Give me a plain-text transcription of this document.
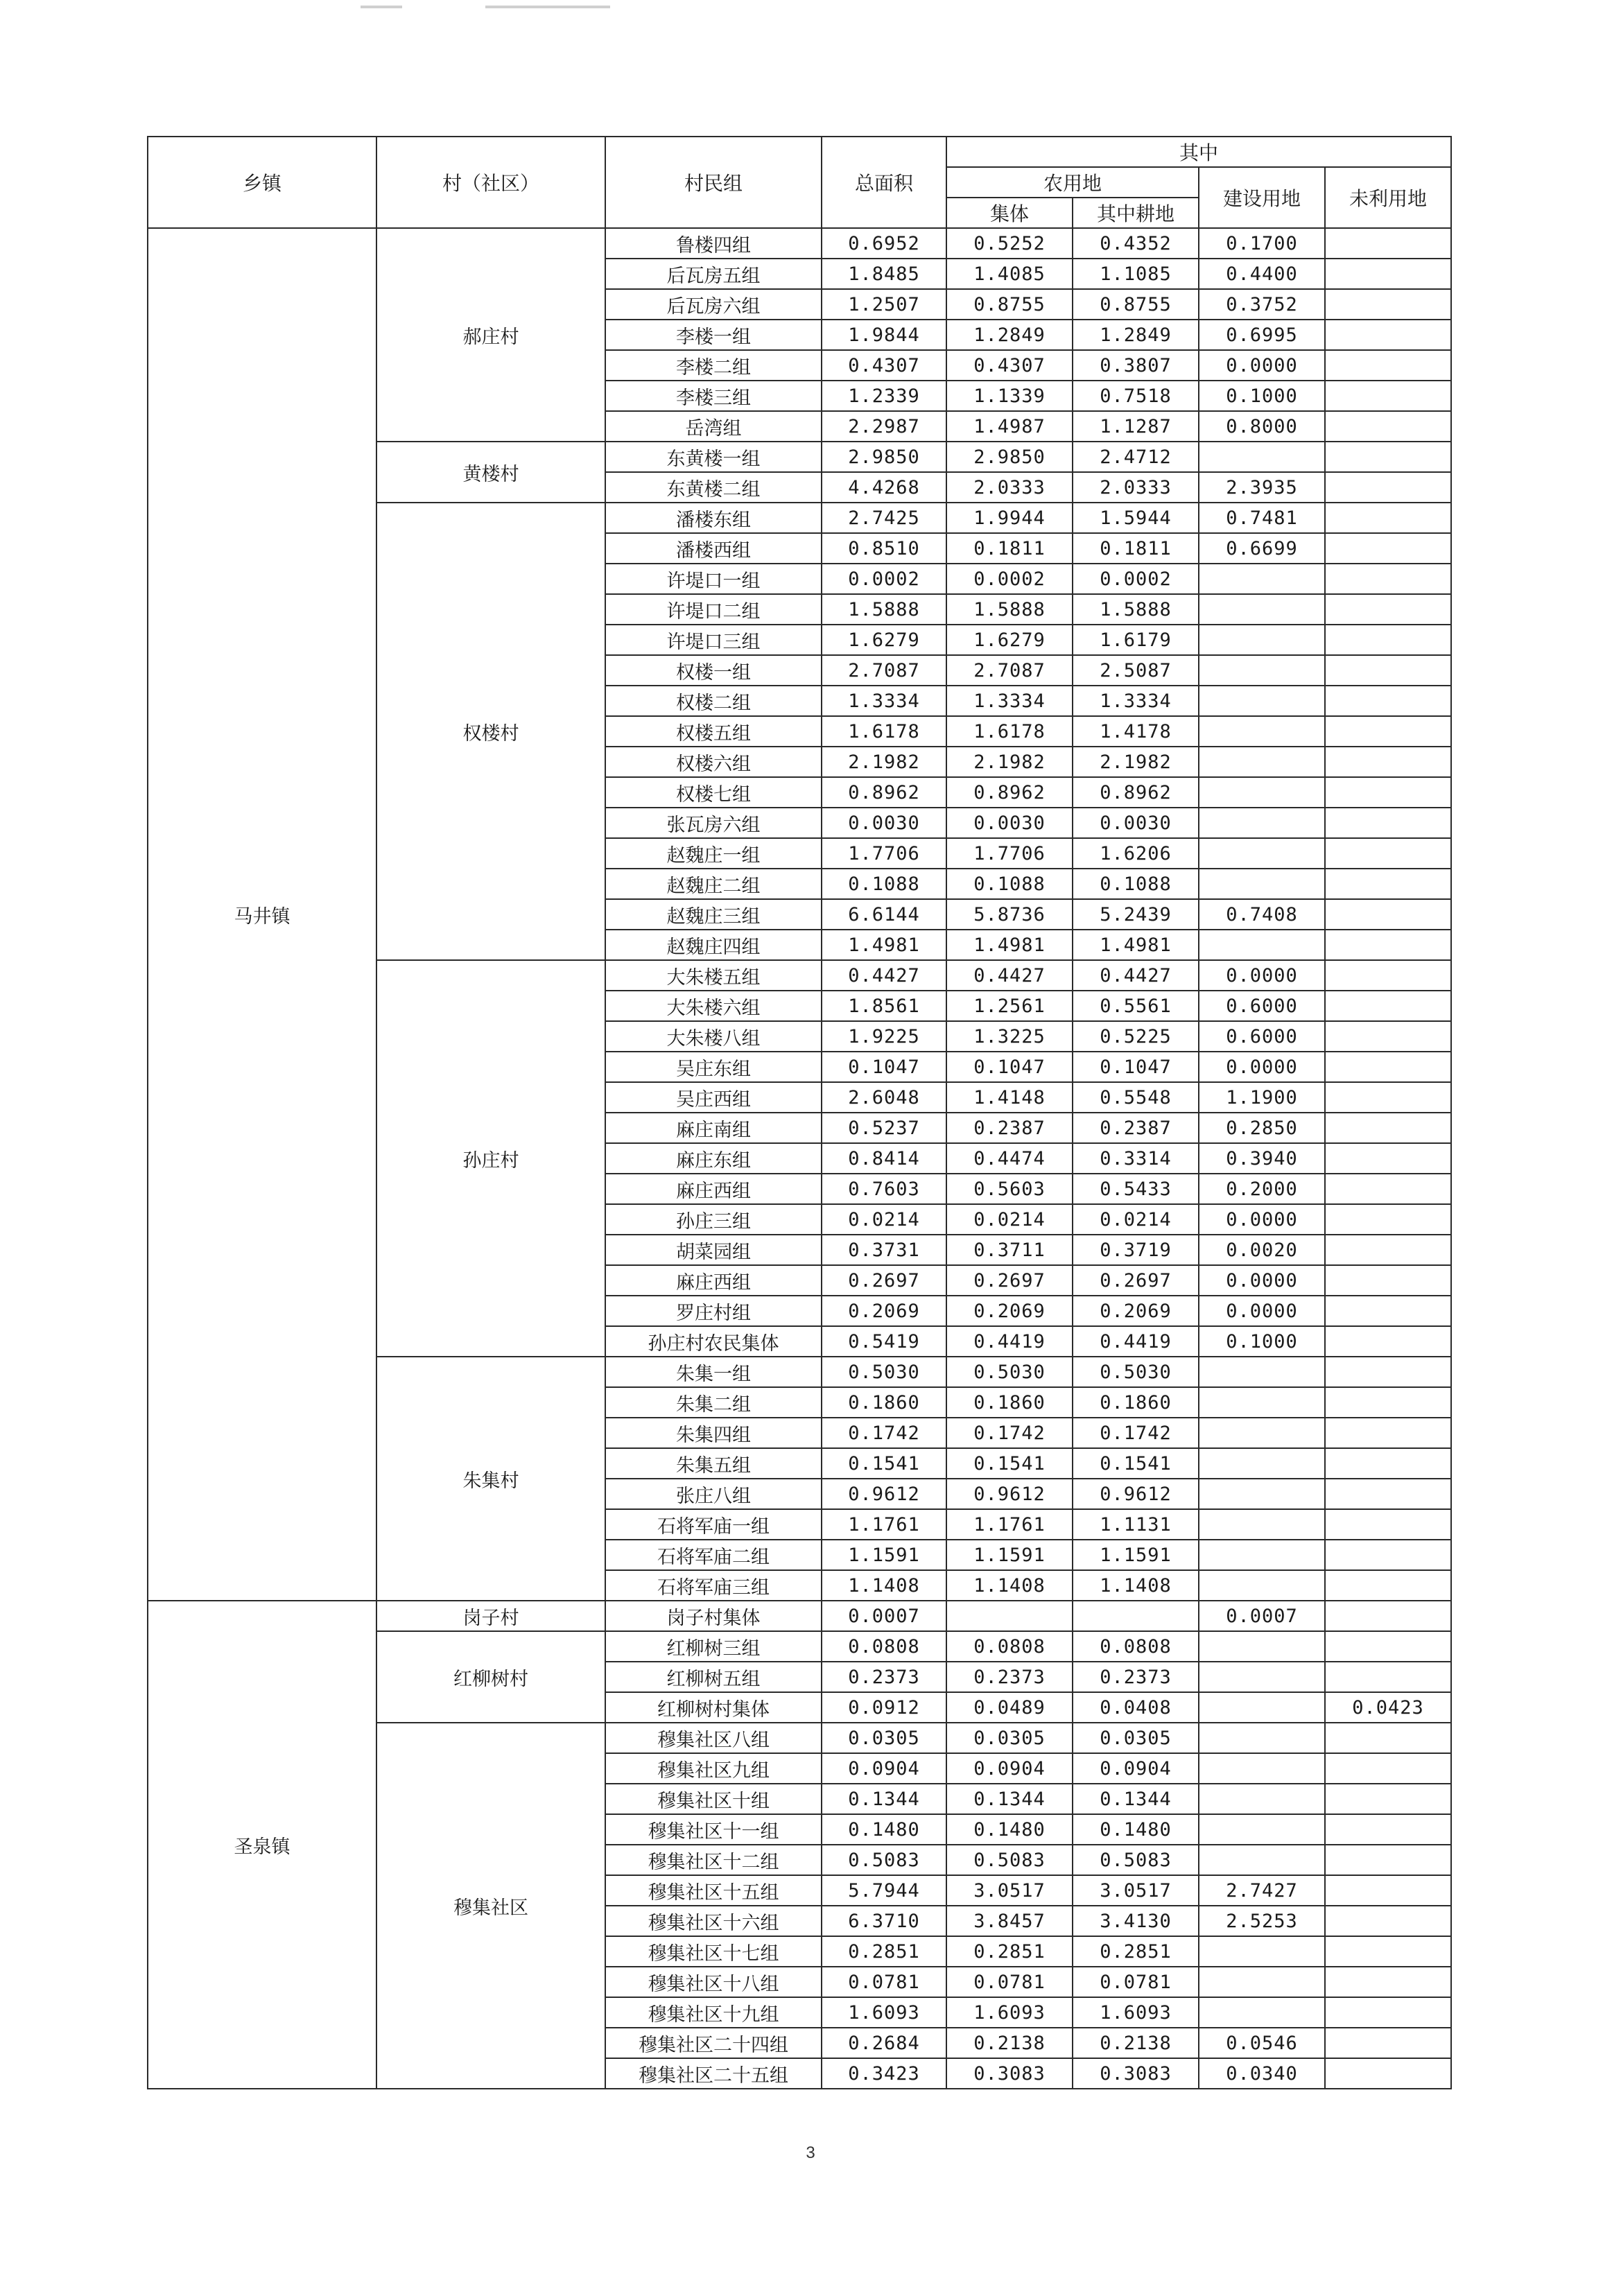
乡镇	村（社区）	村民组	总面积	其中			
				农用地		建设用地	未利用地
				集体	其中耕地		
马井镇	郝庄村	鲁楼四组	0.6952	0.5252	0.4352	0.1700	
		后瓦房五组	1.8485	1.4085	1.1085	0.4400	
		后瓦房六组	1.2507	0.8755	0.8755	0.3752	
		李楼一组	1.9844	1.2849	1.2849	0.6995	
		李楼二组	0.4307	0.4307	0.3807	0.0000	
		李楼三组	1.2339	1.1339	0.7518	0.1000	
		岳湾组	2.2987	1.4987	1.1287	0.8000	
	黄楼村	东黄楼一组	2.9850	2.9850	2.4712		
		东黄楼二组	4.4268	2.0333	2.0333	2.3935	
	权楼村	潘楼东组	2.7425	1.9944	1.5944	0.7481	
		潘楼西组	0.8510	0.1811	0.1811	0.6699	
		许堤口一组	0.0002	0.0002	0.0002		
		许堤口二组	1.5888	1.5888	1.5888		
		许堤口三组	1.6279	1.6279	1.6179		
		权楼一组	2.7087	2.7087	2.5087		
		权楼二组	1.3334	1.3334	1.3334		
		权楼五组	1.6178	1.6178	1.4178		
		权楼六组	2.1982	2.1982	2.1982		
		权楼七组	0.8962	0.8962	0.8962		
		张瓦房六组	0.0030	0.0030	0.0030		
		赵魏庄一组	1.7706	1.7706	1.6206		
		赵魏庄二组	0.1088	0.1088	0.1088		
		赵魏庄三组	6.6144	5.8736	5.2439	0.7408	
		赵魏庄四组	1.4981	1.4981	1.4981		
	孙庄村	大朱楼五组	0.4427	0.4427	0.4427	0.0000	
		大朱楼六组	1.8561	1.2561	0.5561	0.6000	
		大朱楼八组	1.9225	1.3225	0.5225	0.6000	
		吴庄东组	0.1047	0.1047	0.1047	0.0000	
		吴庄西组	2.6048	1.4148	0.5548	1.1900	
		麻庄南组	0.5237	0.2387	0.2387	0.2850	
		麻庄东组	0.8414	0.4474	0.3314	0.3940	
		麻庄西组	0.7603	0.5603	0.5433	0.2000	
		孙庄三组	0.0214	0.0214	0.0214	0.0000	
		胡菜园组	0.3731	0.3711	0.3719	0.0020	
		麻庄西组	0.2697	0.2697	0.2697	0.0000	
		罗庄村组	0.2069	0.2069	0.2069	0.0000	
		孙庄村农民集体	0.5419	0.4419	0.4419	0.1000	
	朱集村	朱集一组	0.5030	0.5030	0.5030		
		朱集二组	0.1860	0.1860	0.1860		
		朱集四组	0.1742	0.1742	0.1742		
		朱集五组	0.1541	0.1541	0.1541		
		张庄八组	0.9612	0.9612	0.9612		
		石将军庙一组	1.1761	1.1761	1.1131		
		石将军庙二组	1.1591	1.1591	1.1591		
		石将军庙三组	1.1408	1.1408	1.1408		
圣泉镇	岗子村	岗子村集体	0.0007			0.0007	
	红柳树村	红柳树三组	0.0808	0.0808	0.0808		
		红柳树五组	0.2373	0.2373	0.2373		
		红柳树村集体	0.0912	0.0489	0.0408		0.0423
	穆集社区	穆集社区八组	0.0305	0.0305	0.0305		
		穆集社区九组	0.0904	0.0904	0.0904		
		穆集社区十组	0.1344	0.1344	0.1344		
		穆集社区十一组	0.1480	0.1480	0.1480		
		穆集社区十二组	0.5083	0.5083	0.5083		
		穆集社区十五组	5.7944	3.0517	3.0517	2.7427	
		穆集社区十六组	6.3710	3.8457	3.4130	2.5253	
		穆集社区十七组	0.2851	0.2851	0.2851		
		穆集社区十八组	0.0781	0.0781	0.0781		
		穆集社区十九组	1.6093	1.6093	1.6093		
		穆集社区二十四组	0.2684	0.2138	0.2138	0.0546	
		穆集社区二十五组	0.3423	0.3083	0.3083	0.0340	
3
